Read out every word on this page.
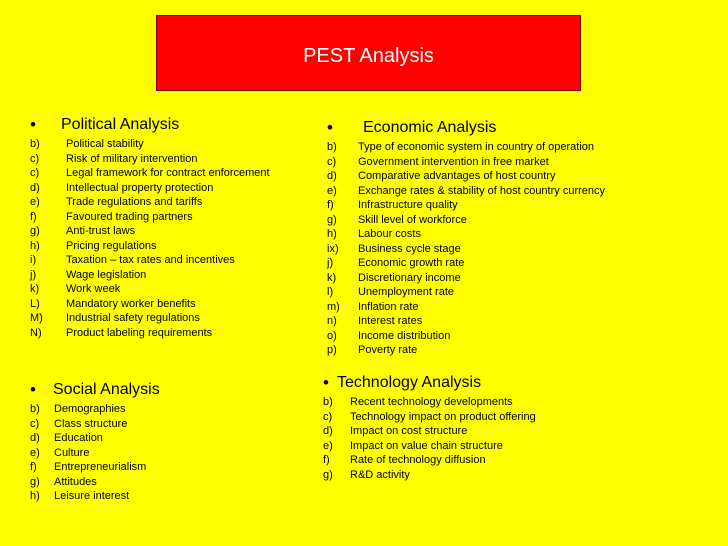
PEST Analysis
• Political Analysis
b) Political stability
c) Risk of military intervention
c) Legal framework for contract enforcement
d) Intellectual property protection
e) Trade regulations and tariffs
f)	Favoured trading partners
g) Anti-trust laws
h) Pricing regulations
i)	Taxation – tax rates and incentives
j)	Wage legislation
k) Work week
L) Mandatory worker benefits
M) Industrial safety regulations
N) Product labeling requirements
• Economic Analysis
b) Type of economic system in country of operation
c) Government intervention in free market
d) Comparative advantages of host country
e) Exchange rates & stability of host country currency
f) Infrastructure quality
g) Skill level of workforce
h) Labour costs
ix) Business cycle stage
j) Economic growth rate
k) Discretionary income
l) Unemployment rate
m) Inflation rate
n) Interest rates
o) Income distribution
p) Poverty rate
• Social Analysis
b) Demographies
c) Class structure
d) Education
e) Culture
f) Entrepreneurialism
g) Attitudes
h) Leisure interest
• Technology Analysis
b) Recent technology developments
c) Technology impact on product offering
d) Impact on cost structure
e) Impact on value chain structure
f) Rate of technology diffusion
g) R&D activity
